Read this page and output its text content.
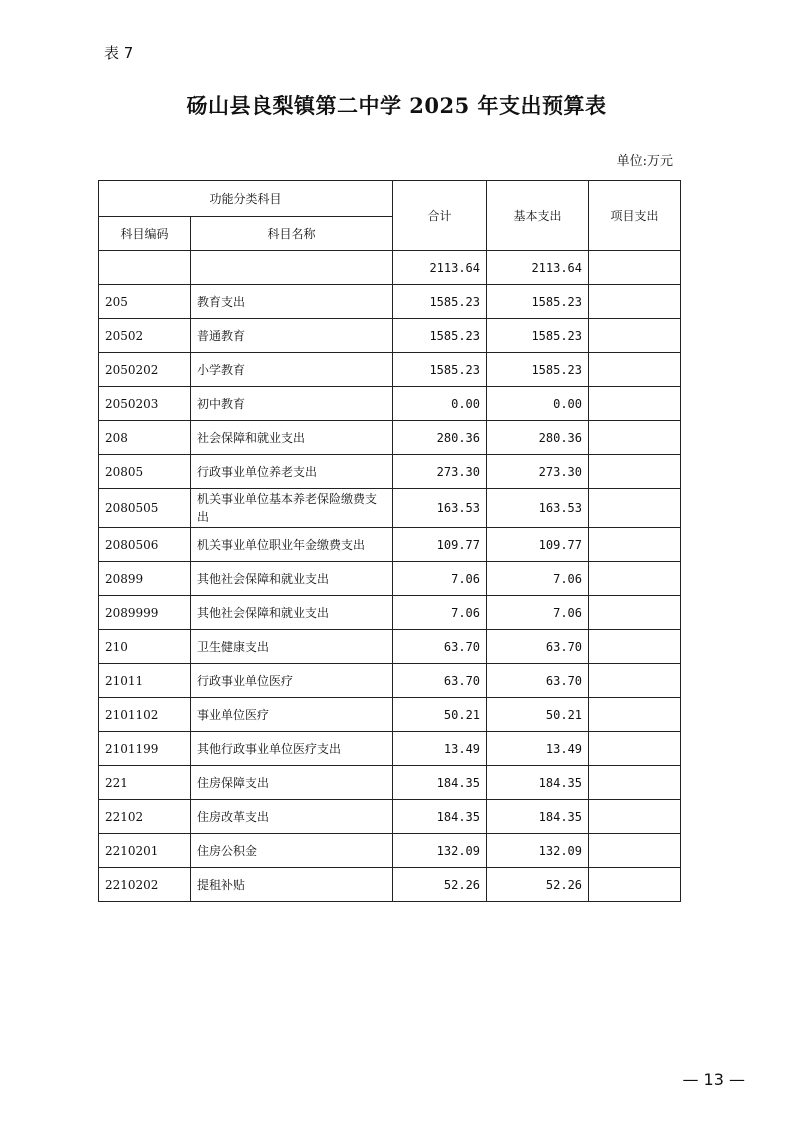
表 7
砀山县良梨镇第二中学 2025 年支出预算表
单位:万元
功能分类科目		合计	基本支出	项目支出
科目编码	科目名称			
		2113.64	2113.64	
205	教育支出	1585.23	1585.23	
20502	普通教育	1585.23	1585.23	
2050202	小学教育	1585.23	1585.23	
2050203	初中教育	0.00	0.00	
208	社会保障和就业支出	280.36	280.36	
20805	行政事业单位养老支出	273.30	273.30	
2080505	机关事业单位基本养老保险缴费支出	163.53	163.53	
2080506	机关事业单位职业年金缴费支出	109.77	109.77	
20899	其他社会保障和就业支出	7.06	7.06	
2089999	其他社会保障和就业支出	7.06	7.06	
210	卫生健康支出	63.70	63.70	
21011	行政事业单位医疗	63.70	63.70	
2101102	事业单位医疗	50.21	50.21	
2101199	其他行政事业单位医疗支出	13.49	13.49	
221	住房保障支出	184.35	184.35	
22102	住房改革支出	184.35	184.35	
2210201	住房公积金	132.09	132.09	
2210202	提租补贴	52.26	52.26	
— 13 —
